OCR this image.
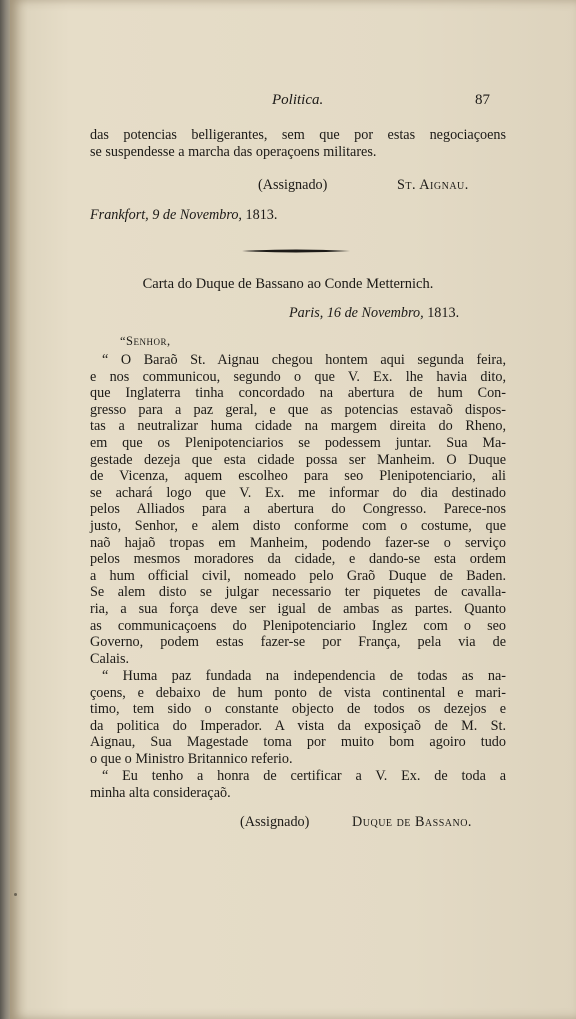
Politica.	87
das potencias belligerantes, sem que por estas negociaçoens
se suspendesse a marcha das operaçoens militares.
(Assignado)	St. Aignau.
Frankfort, 9 de Novembro, 1813.
Carta do Duque de Bassano ao Conde Metternich.
Paris, 16 de Novembro, 1813.
“Senhor,
“ O Baraõ St. Aignau chegou hontem aqui segunda feira,
e nos communicou, segundo o que V. Ex. lhe havia dito,
que Inglaterra tinha concordado na abertura de hum Con-
gresso para a paz geral, e que as potencias estavaõ dispos-
tas a neutralizar huma cidade na margem direita do Rheno,
em que os Plenipotenciarios se podessem juntar. Sua Ma-
gestade dezeja que esta cidade possa ser Manheim. O Duque
de Vicenza, aquem escolheo para seo Plenipotenciario, ali
se achará logo que V. Ex. me informar do dia destinado
pelos Alliados para a abertura do Congresso. Parece-nos
justo, Senhor, e alem disto conforme com o costume, que
naõ hajaõ tropas em Manheim, podendo fazer-se o serviço
pelos mesmos moradores da cidade, e dando-se esta ordem
a hum official civil, nomeado pelo Graõ Duque de Baden.
Se alem disto se julgar necessario ter piquetes de cavalla-
ria, a sua força deve ser igual de ambas as partes. Quanto
as communicaçoens do Plenipotenciario Inglez com o seo
Governo, podem estas fazer-se por França, pela via de
Calais.
“ Huma paz fundada na independencia de todas as na-
çoens, e debaixo de hum ponto de vista continental e mari-
timo, tem sido o constante objecto de todos os dezejos e
da politica do Imperador. A vista da exposiçaõ de M. St.
Aignau, Sua Magestade toma por muito bom agoiro tudo
o que o Ministro Britannico referio.
“ Eu tenho a honra de certificar a V. Ex. de toda a
minha alta consideraçaõ.
(Assignado)	Duque de Bassano.
